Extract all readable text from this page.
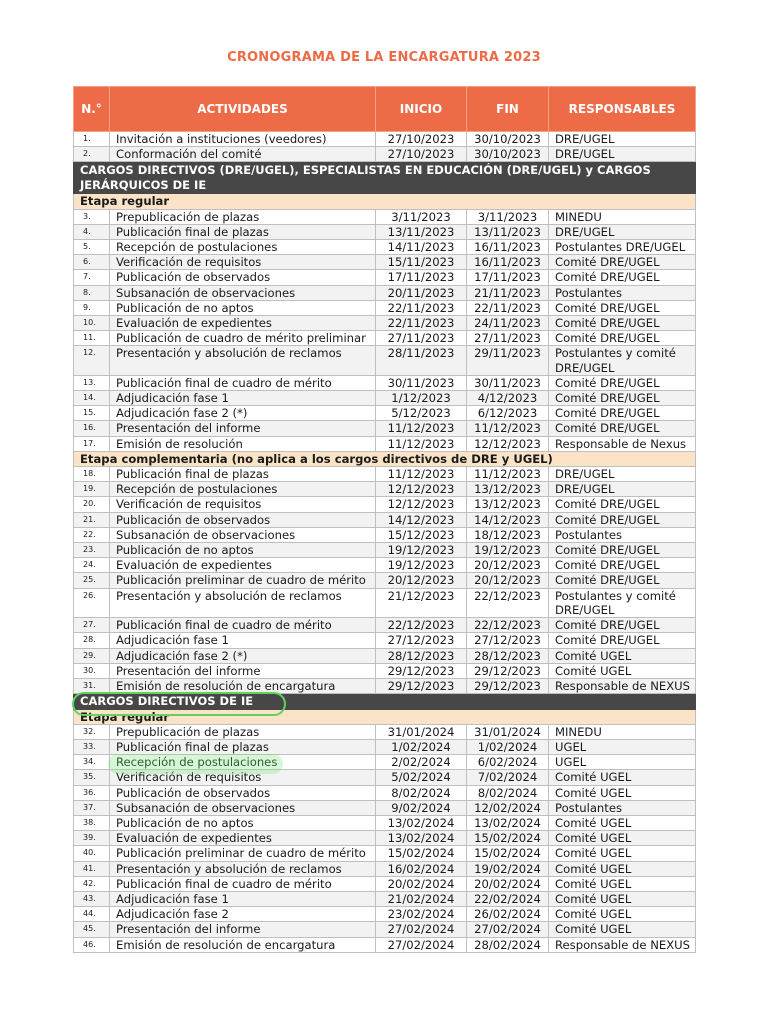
CRONOGRAMA DE LA ENCARGATURA 2023
N.°	ACTIVIDADES	INICIO	FIN	RESPONSABLES
1.	Invitación a instituciones (veedores)	27/10/2023	30/10/2023	DRE/UGEL
2.	Conformación del comité	27/10/2023	30/10/2023	DRE/UGEL
CARGOS DIRECTIVOS (DRE/UGEL), ESPECIALISTAS EN EDUCACIÓN (DRE/UGEL) y CARGOS JERÁRQUICOS DE IE				
Etapa regular				
3.	Prepublicación de plazas	3/11/2023	3/11/2023	MINEDU
4.	Publicación final de plazas	13/11/2023	13/11/2023	DRE/UGEL
5.	Recepción de postulaciones	14/11/2023	16/11/2023	Postulantes DRE/UGEL
6.	Verificación de requisitos	15/11/2023	16/11/2023	Comité DRE/UGEL
7.	Publicación de observados	17/11/2023	17/11/2023	Comité DRE/UGEL
8.	Subsanación de observaciones	20/11/2023	21/11/2023	Postulantes
9.	Publicación de no aptos	22/11/2023	22/11/2023	Comité DRE/UGEL
10.	Evaluación de expedientes	22/11/2023	24/11/2023	Comité DRE/UGEL
11.	Publicación de cuadro de mérito preliminar	27/11/2023	27/11/2023	Comité DRE/UGEL
12.	Presentación y absolución de reclamos	28/11/2023	29/11/2023	Postulantes y comité DRE/UGEL
13.	Publicación final de cuadro de mérito	30/11/2023	30/11/2023	Comité DRE/UGEL
14.	Adjudicación fase 1	1/12/2023	4/12/2023	Comité DRE/UGEL
15.	Adjudicación fase 2 (*)	5/12/2023	6/12/2023	Comité DRE/UGEL
16.	Presentación del informe	11/12/2023	11/12/2023	Comité DRE/UGEL
17.	Emisión de resolución	11/12/2023	12/12/2023	Responsable de Nexus
Etapa complementaria (no aplica a los cargos directivos de DRE y UGEL)				
18.	Publicación final de plazas	11/12/2023	11/12/2023	DRE/UGEL
19.	Recepción de postulaciones	12/12/2023	13/12/2023	DRE/UGEL
20.	Verificación de requisitos	12/12/2023	13/12/2023	Comité DRE/UGEL
21.	Publicación de observados	14/12/2023	14/12/2023	Comité DRE/UGEL
22.	Subsanación de observaciones	15/12/2023	18/12/2023	Postulantes
23.	Publicación de no aptos	19/12/2023	19/12/2023	Comité DRE/UGEL
24.	Evaluación de expedientes	19/12/2023	20/12/2023	Comité DRE/UGEL
25.	Publicación preliminar de cuadro de mérito	20/12/2023	20/12/2023	Comité DRE/UGEL
26.	Presentación y absolución de reclamos	21/12/2023	22/12/2023	Postulantes y comité DRE/UGEL
27.	Publicación final de cuadro de mérito	22/12/2023	22/12/2023	Comité DRE/UGEL
28.	Adjudicación fase 1	27/12/2023	27/12/2023	Comité DRE/UGEL
29.	Adjudicación fase 2 (*)	28/12/2023	28/12/2023	Comité UGEL
30.	Presentación del informe	29/12/2023	29/12/2023	Comité UGEL
31.	Emisión de resolución de encargatura	29/12/2023	29/12/2023	Responsable de NEXUS
CARGOS DIRECTIVOS DE IE				
Etapa regular				
32.	Prepublicación de plazas	31/01/2024	31/01/2024	MINEDU
33.	Publicación final de plazas	1/02/2024	1/02/2024	UGEL
34.	Recepción de postulaciones	2/02/2024	6/02/2024	UGEL
35.	Verificación de requisitos	5/02/2024	7/02/2024	Comité UGEL
36.	Publicación de observados	8/02/2024	8/02/2024	Comité UGEL
37.	Subsanación de observaciones	9/02/2024	12/02/2024	Postulantes
38.	Publicación de no aptos	13/02/2024	13/02/2024	Comité UGEL
39.	Evaluación de expedientes	13/02/2024	15/02/2024	Comité UGEL
40.	Publicación preliminar de cuadro de mérito	15/02/2024	15/02/2024	Comité UGEL
41.	Presentación y absolución de reclamos	16/02/2024	19/02/2024	Comité UGEL
42.	Publicación final de cuadro de mérito	20/02/2024	20/02/2024	Comité UGEL
43.	Adjudicación fase 1	21/02/2024	22/02/2024	Comité UGEL
44.	Adjudicación fase 2	23/02/2024	26/02/2024	Comité UGEL
45.	Presentación del informe	27/02/2024	27/02/2024	Comité UGEL
46.	Emisión de resolución de encargatura	27/02/2024	28/02/2024	Responsable de NEXUS
